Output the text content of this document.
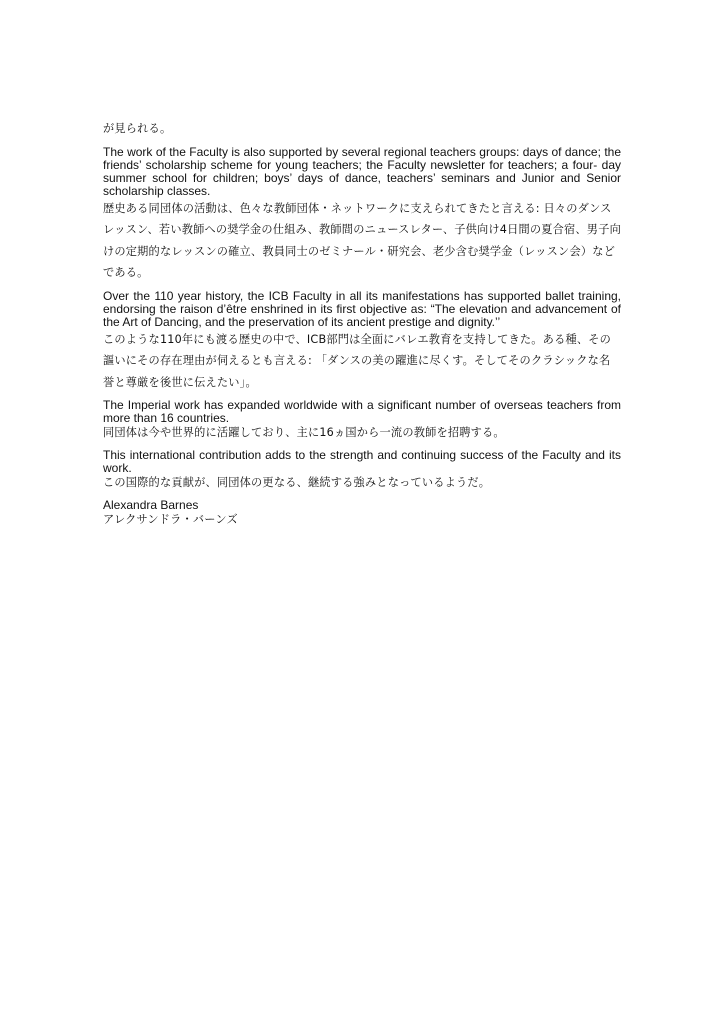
が見られる。

The work of the Faculty is also supported by several regional teachers groups: days of dance; the friends’ scholarship scheme for young teachers; the Faculty newsletter for teachers; a four- day summer school for children; boys’ days of dance, teachers’ seminars and Junior and Senior scholarship classes.

歴史ある同団体の活動は、色々な教師団体・ネットワークに支えられてきたと言える: 日々のダンスレッスン、若い教師への奨学金の仕組み、教師間のニュースレター、子供向け4日間の夏合宿、男子向けの定期的なレッスンの確立、教員同士のゼミナール・研究会、老少含む奨学金（レッスン会）などである。

Over the 110 year history, the ICB Faculty in all its manifestations has supported ballet training, endorsing the raison d’être enshrined in its first objective as: “The elevation and advancement of the Art of Dancing, and the preservation of its ancient prestige and dignity.’’

このような110年にも渡る歴史の中で、ICB部門は全面にバレエ教育を支持してきた。ある種、その謳いにその存在理由が伺えるとも言える: 「ダンスの美の躍進に尽くす。そしてそのクラシックな名誉と尊厳を後世に伝えたい」。

The Imperial work has expanded worldwide with a significant number of overseas teachers from more than 16 countries.

同団体は今や世界的に活躍しており、主に16ヵ国から一流の教師を招聘する。

This international contribution adds to the strength and continuing success of the Faculty and its work.

この国際的な貢献が、同団体の更なる、継続する強みとなっているようだ。

Alexandra Barnes

アレクサンドラ・バーンズ
